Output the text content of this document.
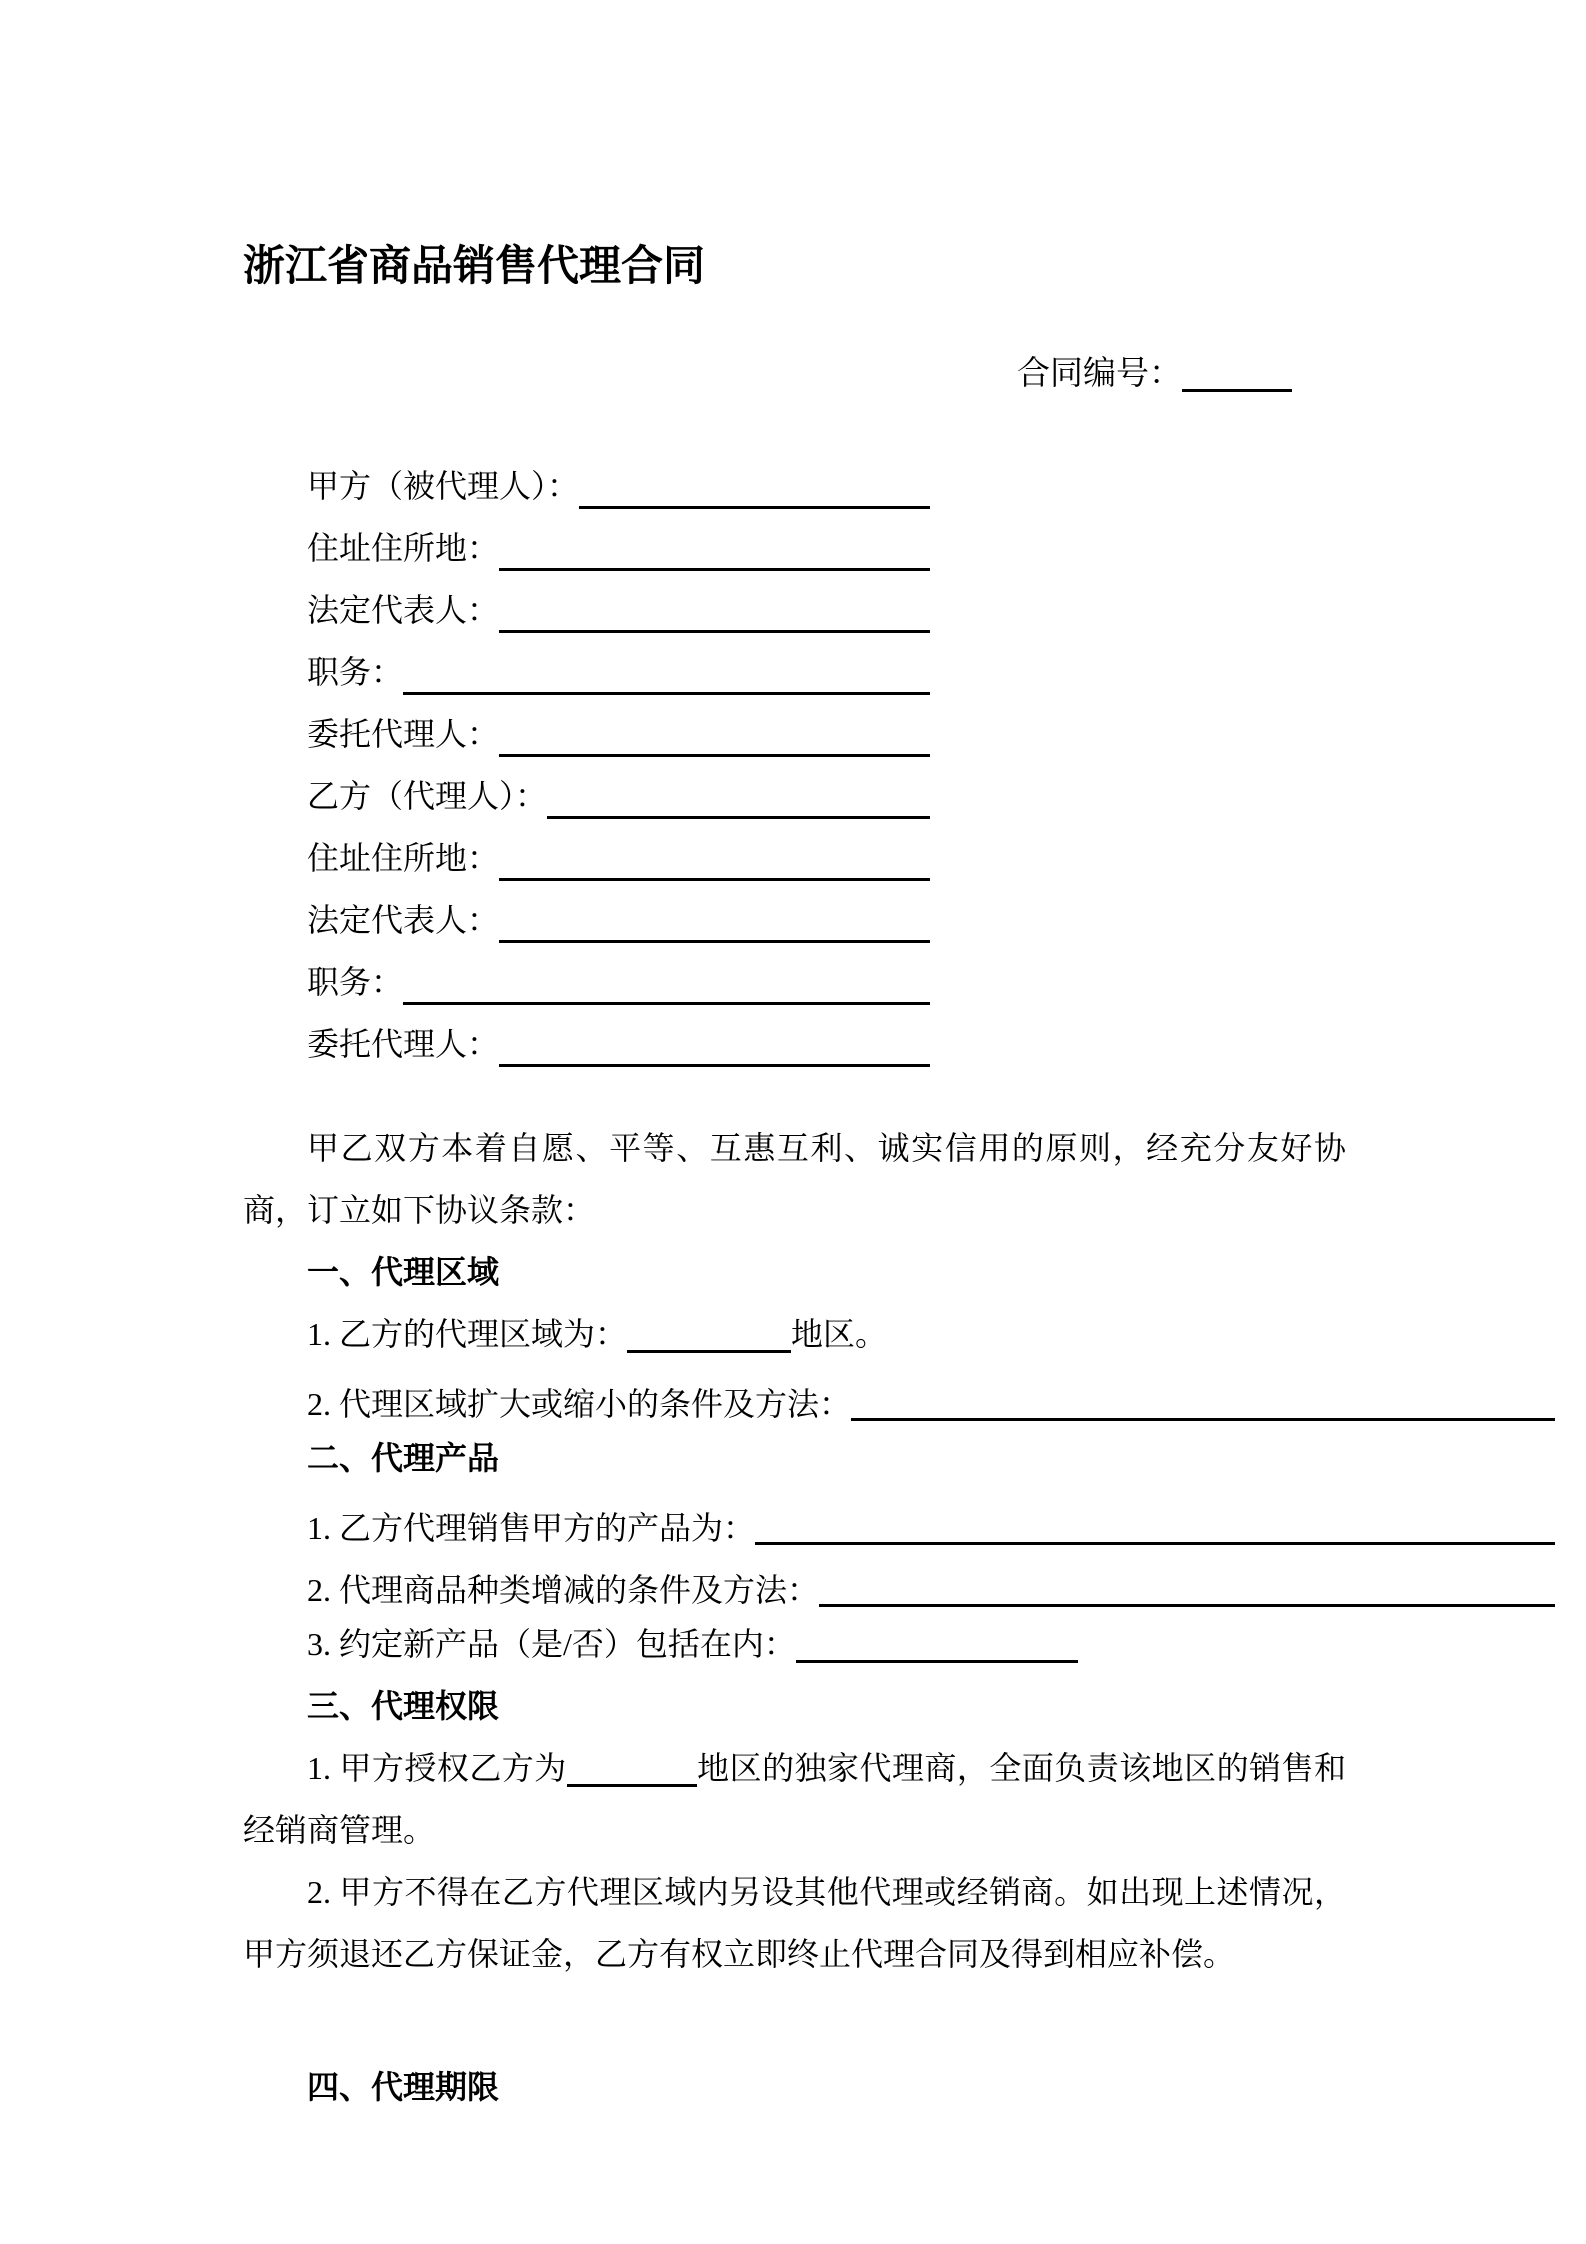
浙江省商品销售代理合同
合同编号：
甲方（被代理人）：
住址住所地：
法定代表人：
职务：
委托代理人：
乙方（代理人）：
住址住所地：
法定代表人：
职务：
委托代理人：

甲乙双方本着自愿、平等、互惠互利、诚实信用的原则，经充分友好协商，订立如下协议条款：

一、代理区域

1. 乙方的代理区域为：	地区。

2. 代理区域扩大或缩小的条件及方法：

二、代理产品

1. 乙方代理销售甲方的产品为：
2. 代理商品种类增减的条件及方法：

3. 约定新产品（是/否）包括在内：

三、代理权限

1. 甲方授权乙方为	地区的独家代理商，全面负责该地区的销售和经销商管理。

2. 甲方不得在乙方代理区域内另设其他代理或经销商。如出现上述情况，甲方须退还乙方保证金，乙方有权立即终止代理合同及得到相应补偿。

四、代理期限
